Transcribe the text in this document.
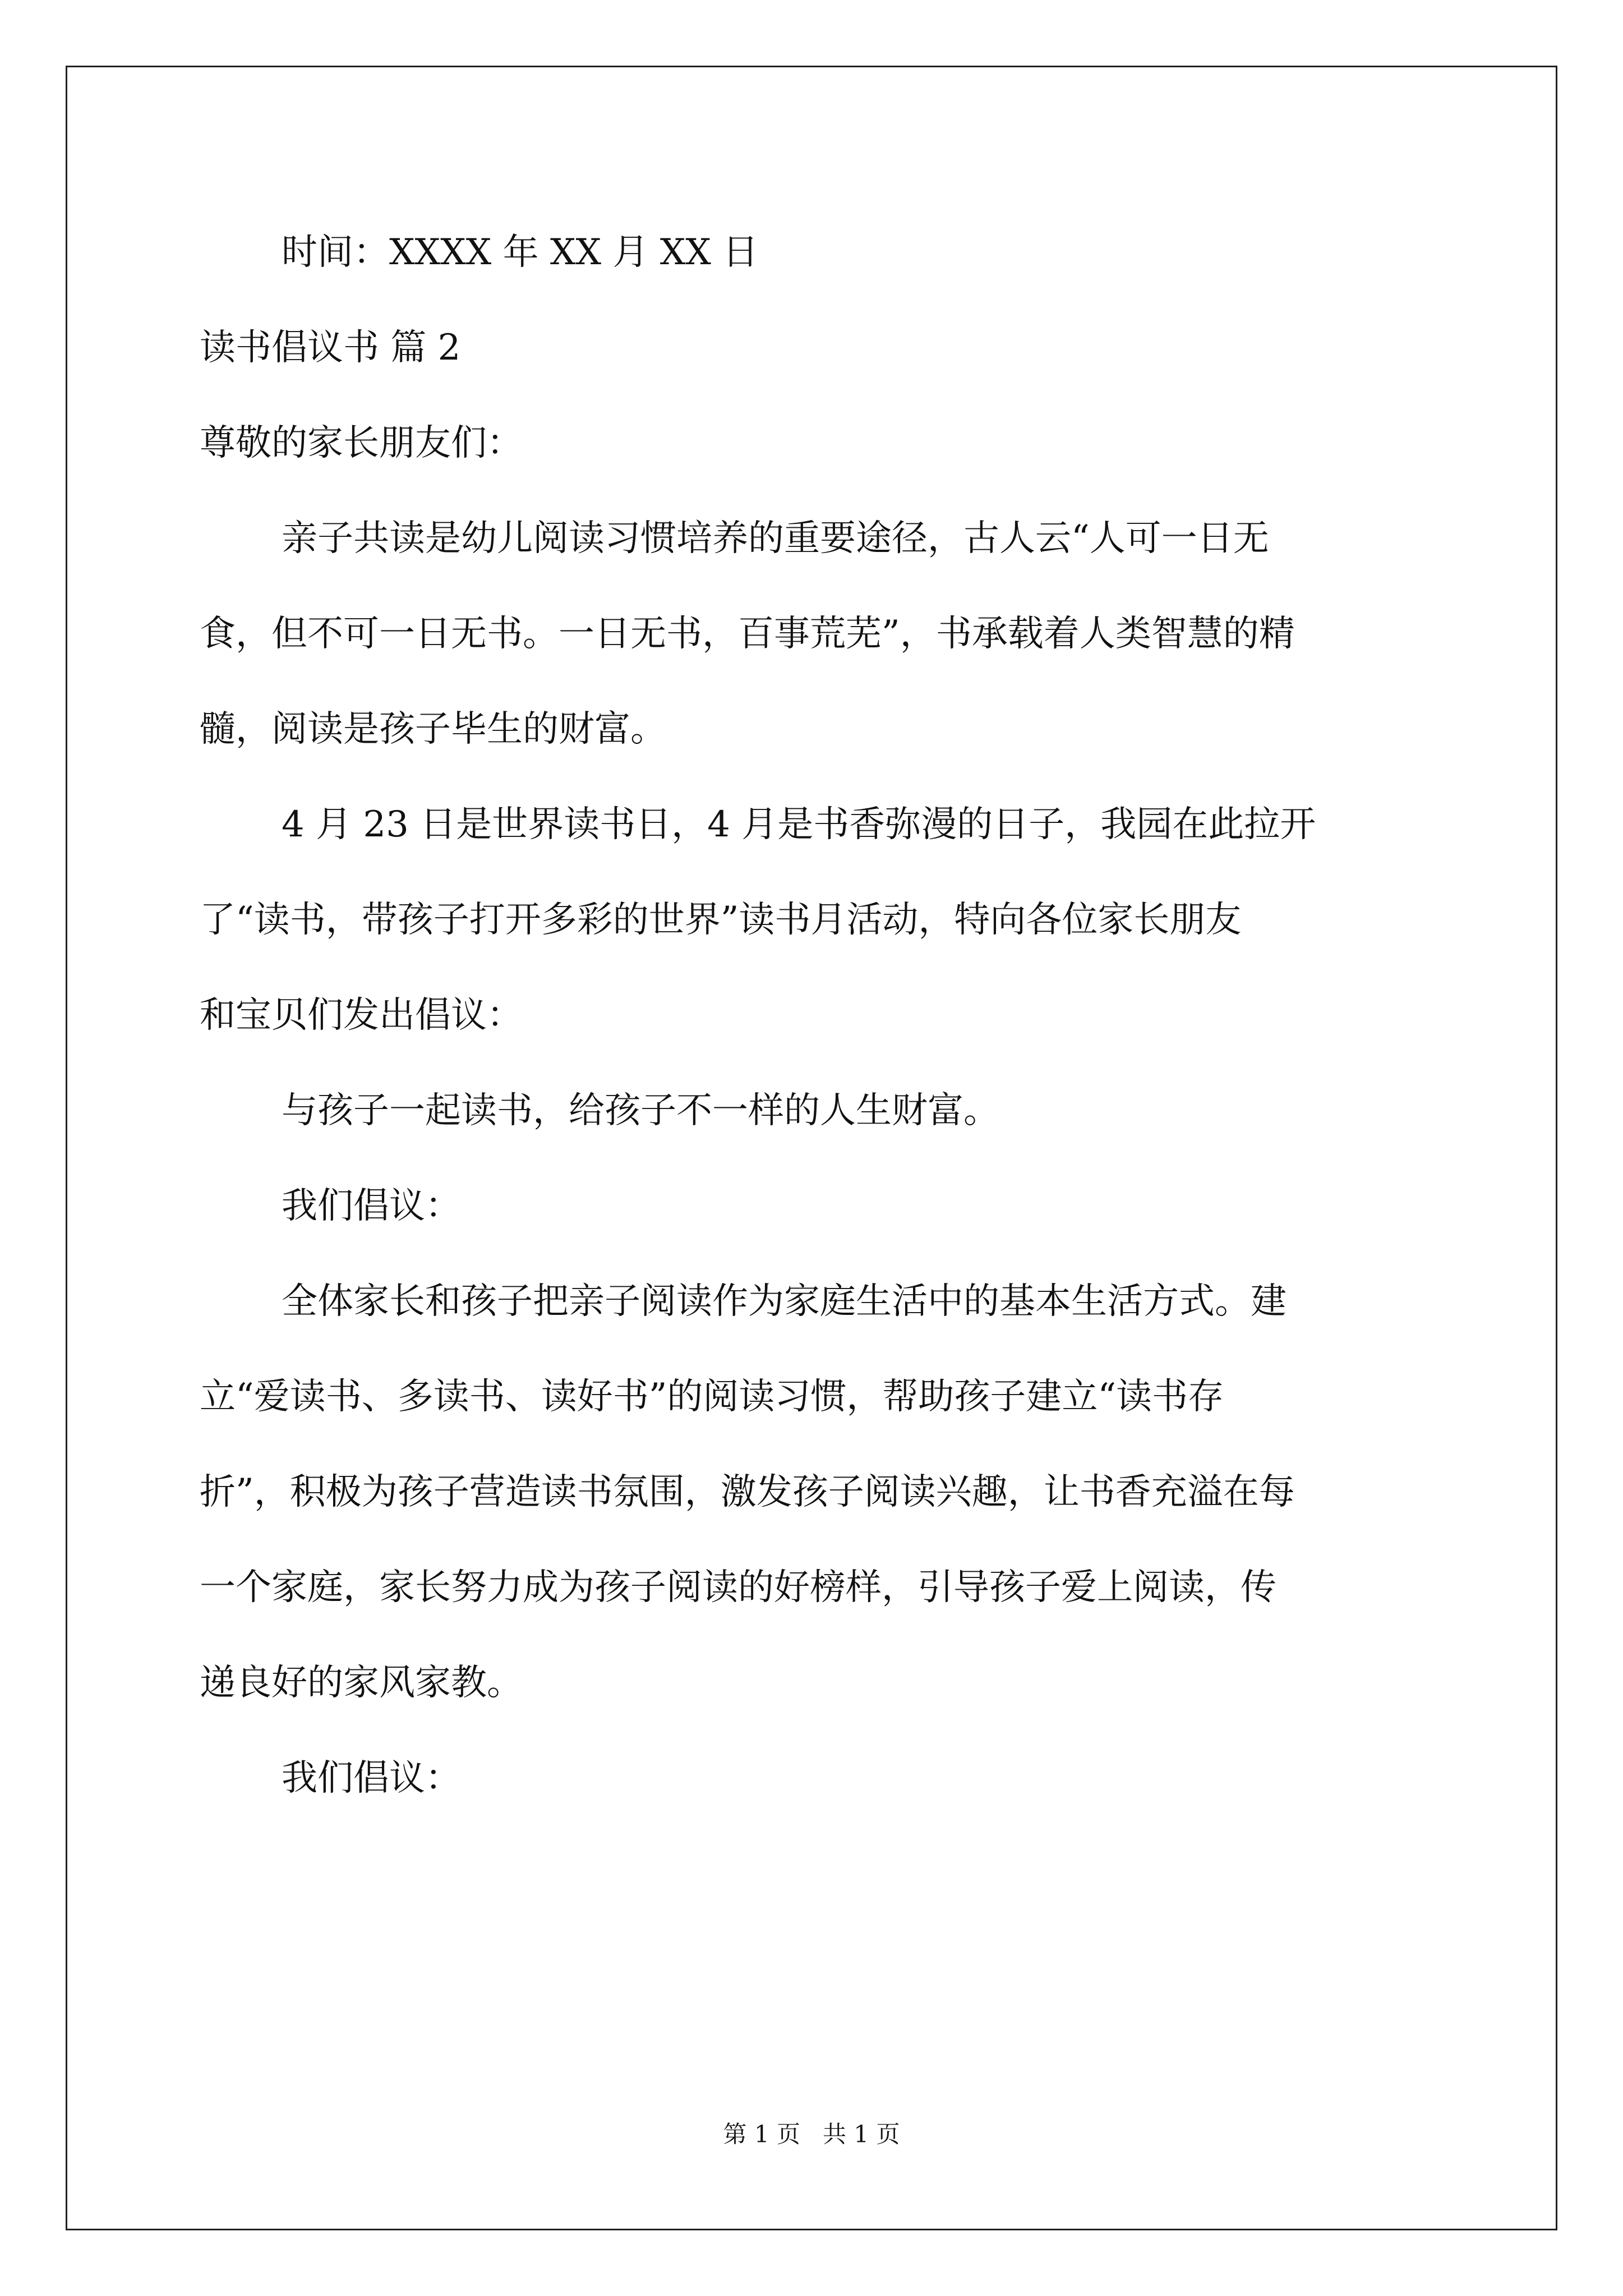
时间：XXXX 年 XX 月 XX 日
读书倡议书 篇 2
尊敬的家长朋友们：
亲子共读是幼儿阅读习惯培养的重要途径，古人云“人可一日无
食，但不可一日无书。一日无书，百事荒芜”，书承载着人类智慧的精
髓，阅读是孩子毕生的财富。
4 月 23 日是世界读书日，4 月是书香弥漫的日子，我园在此拉开
了“读书，带孩子打开多彩的世界”读书月活动，特向各位家长朋友
和宝贝们发出倡议：
与孩子一起读书，给孩子不一样的人生财富。
我们倡议：
全体家长和孩子把亲子阅读作为家庭生活中的基本生活方式。建
立“爱读书、多读书、读好书”的阅读习惯，帮助孩子建立“读书存
折”，积极为孩子营造读书氛围，激发孩子阅读兴趣，让书香充溢在每
一个家庭，家长努力成为孩子阅读的好榜样，引导孩子爱上阅读，传
递良好的家风家教。
我们倡议：
第 1 页   共 1 页
